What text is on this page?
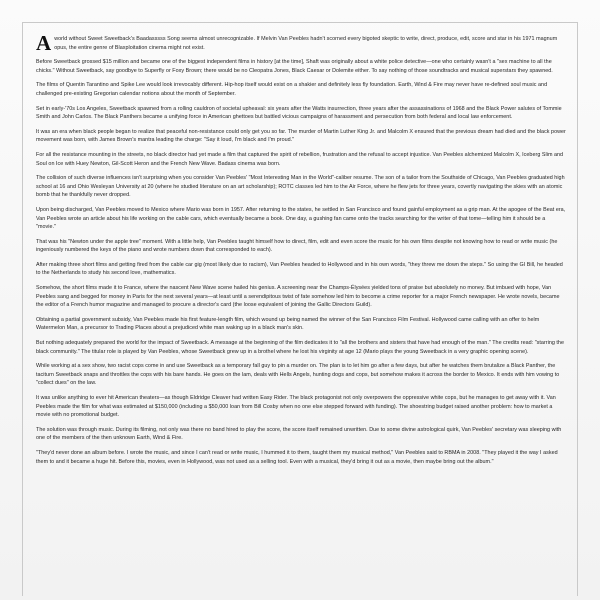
A world without Sweet Sweetback's Baadasssss Song seems almost unrecognizable. If Melvin Van Peebles hadn't scorned every bigoted skeptic to write, direct, produce, edit, score and star in his 1971 magnum opus, the entire genre of Blaxploitation cinema might not exist.

Before Sweetback grossed $15 million and became one of the biggest independent films in history [at the time], Shaft was originally about a white police detective—one who certainly wasn't a "sex machine to all the chicks." Without Sweetback, say goodbye to Superfly or Foxy Brown; there would be no Cleopatra Jones, Black Caesar or Dolemite either. To say nothing of those soundtracks and musical superstars they spawned.

The films of Quentin Tarantino and Spike Lee would look irrevocably different. Hip-hop itself would exist on a shakier and definitely less fly foundation. Earth, Wind & Fire may never have re-defined soul music and challenged pre-existing Gregorian calendar notions about the month of September.

Set in early-'70s Los Angeles, Sweetback spawned from a rolling cauldron of societal upheaval: six years after the Watts insurrection, three years after the assassinations of 1968 and the Black Power salutes of Tommie Smith and John Carlos. The Black Panthers became a unifying force in American ghettoes but battled vicious campaigns of harassment and persecution from both federal and local law enforcement.

It was an era when black people began to realize that peaceful non-resistance could only get you so far. The murder of Martin Luther King Jr. and Malcolm X ensured that the previous dream had died and the black power movement was born, with James Brown's mantra leading the charge: "Say it loud, I'm black and I'm proud."

For all the resistance mounting in the streets, no black director had yet made a film that captured the spirit of rebellion, frustration and the refusal to accept injustice. Van Peebles alchemized Malcolm X, Iceberg Slim and Soul on Ice with Huey Newton, Gil-Scott Heron and the French New Wave. Badass cinema was born.

The collision of such diverse influences isn't surprising when you consider Van Peebles' "Most Interesting Man in the World"-caliber resume. The son of a tailor from the Southside of Chicago, Van Peebles graduated high school at 16 and Ohio Wesleyan University at 20 (where he studied literature on an art scholarship); ROTC classes led him to the Air Force, where he flew jets for three years, covertly navigating the skies with an atomic bomb that he thankfully never dropped.

Upon being discharged, Van Peebles moved to Mexico where Mario was born in 1957. After returning to the states, he settled in San Francisco and found gainful employment as a grip man. At the apogee of the Beat era, Van Peebles wrote an article about his life working on the cable cars, which eventually became a book. One day, a gushing fan came onto the tracks searching for the writer of that tome—telling him it should be a "movie."

That was his "Newton under the apple tree" moment. With a little help, Van Peebles taught himself how to direct, film, edit and even score the music for his own films despite not knowing how to read or write music (he ingeniously numbered the keys of the piano and wrote numbers down that corresponded to each).

After making three short films and getting fired from the cable car gig (most likely due to racism), Van Peebles headed to Hollywood and in his own words, "they threw me down the steps." So using the GI Bill, he headed to the Netherlands to study his second love, mathematics.

Somehow, the short films made it to France, where the nascent New Wave scene hailed his genius. A screening near the Champs-Élysées yielded tons of praise but absolutely no money. But imbued with hope, Van Peebles sang and begged for money in Paris for the next several years—at least until a serendipitous twist of fate somehow led him to become a crime reporter for a major French newspaper. He wrote novels, became the editor of a French humor magazine and managed to procure a director's card (the loose equivalent of joining the Gallic Directors Guild).

Obtaining a partial government subsidy, Van Peebles made his first feature-length film, which wound up being named the winner of the San Francisco Film Festival. Hollywood came calling with an offer to helm Watermelon Man, a precursor to Trading Places about a prejudiced white man waking up in a black man's skin.

But nothing adequately prepared the world for the impact of Sweetback. A message at the beginning of the film dedicates it to "all the brothers and sisters that have had enough of the man." The credits read: "starring the black community." The titular role is played by Van Peebles, whose Sweetback grew up in a brothel where he lost his virginity at age 12 (Mario plays the young Sweetback in a very graphic opening scene).

While working at a sex show, two racist cops come in and use Sweetback as a temporary fall guy to pin a murder on. The plan is to let him go after a few days, but after he watches them brutalize a Black Panther, the taciturn Sweetback snaps and throttles the cops with his bare hands. He goes on the lam, deals with Hells Angels, hunting dogs and cops, but somehow makes it across the border to Mexico. It ends with him vowing to "collect dues" on the law.

It was unlike anything to ever hit American theaters—as though Eldridge Cleaver had written Easy Rider. The black protagonist not only overpowers the oppressive white cops, but he manages to get away with it. Van Peebles made the film for what was estimated at $150,000 (including a $50,000 loan from Bill Cosby when no one else stepped forward with funding). The shoestring budget raised another problem: how to market a movie with no promotional budget.

The solution was through music. During its filming, not only was there no band hired to play the score, the score itself remained unwritten. Due to some divine astrological quirk, Van Peebles' secretary was sleeping with one of the members of the then unknown Earth, Wind & Fire.

"They'd never done an album before. I wrote the music, and since I can't read or write music, I hummed it to them, taught them my musical method," Van Peebles said to RBMA in 2008. "They played it the way I asked them to and it became a huge hit. Before this, movies, even in Hollywood, was not used as a selling tool. Even with a musical, they'd bring it out as a movie, then maybe bring out the album."
